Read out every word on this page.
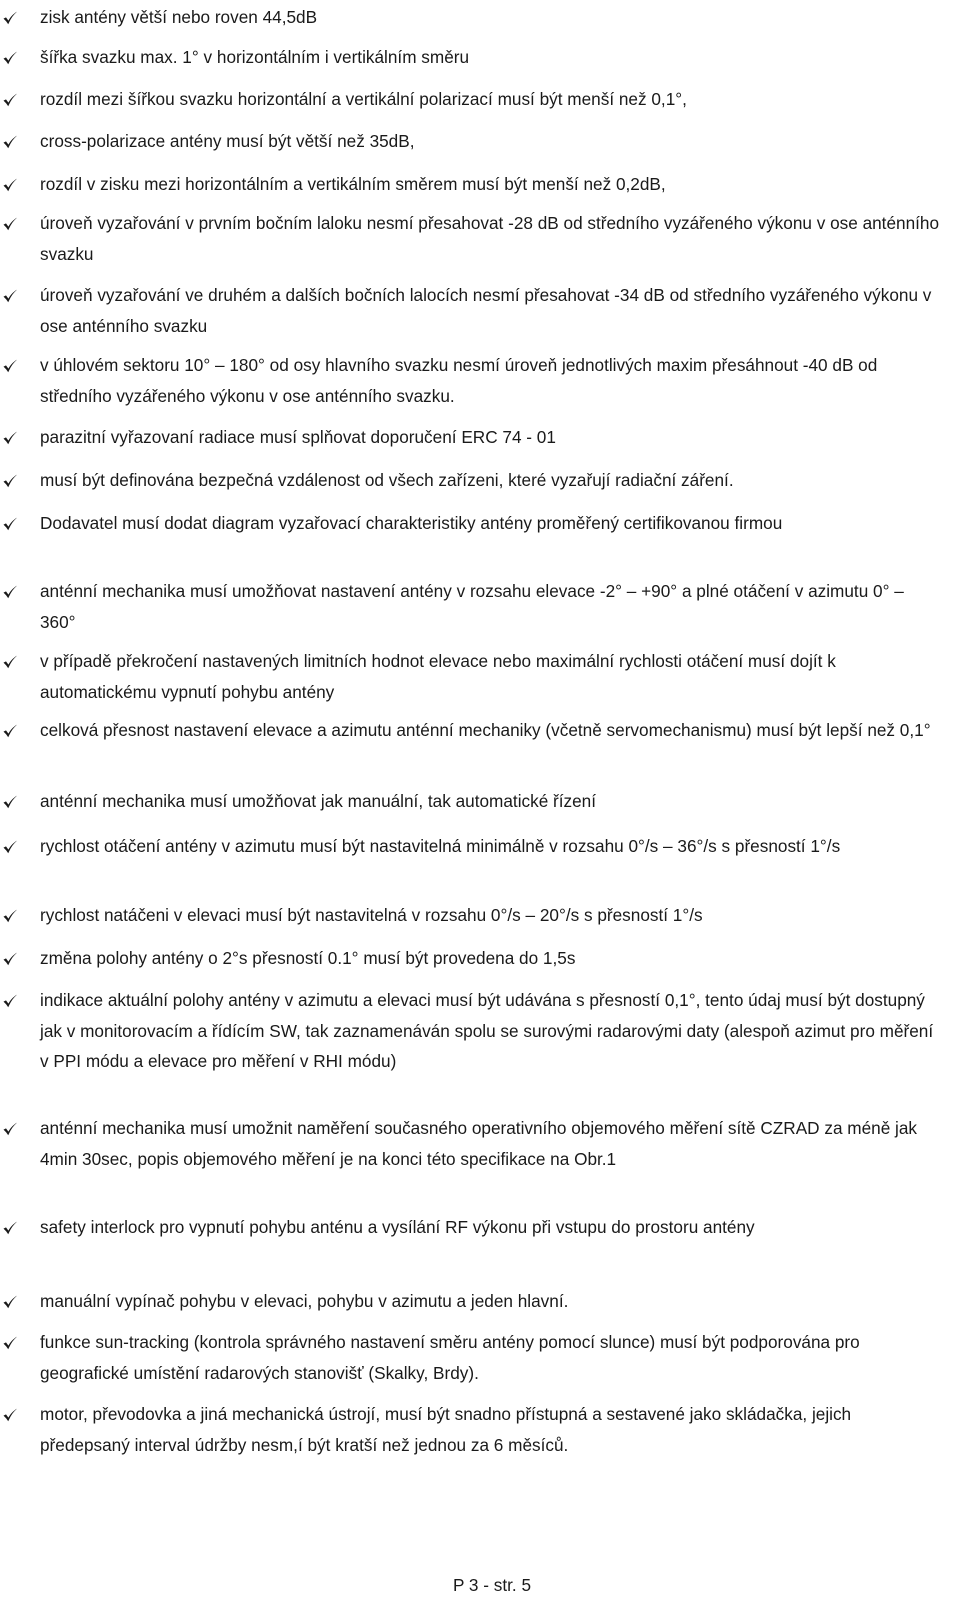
zisk antény větší nebo roven 44,5dB
šířka svazku max. 1° v horizontálním i vertikálním směru
rozdíl mezi šířkou svazku horizontální a vertikální polarizací musí být menší než 0,1°,
cross-polarizace antény musí být větší než 35dB,
rozdíl v zisku mezi horizontálním a vertikálním směrem musí být menší než 0,2dB,
úroveň vyzařování v prvním bočním laloku nesmí přesahovat -28 dB od středního vyzářeného výkonu v ose anténního svazku
úroveň vyzařování ve druhém a dalších bočních lalocích nesmí přesahovat -34 dB od středního vyzářeného výkonu v ose anténního svazku
v úhlovém sektoru 10° – 180° od osy hlavního svazku nesmí úroveň jednotlivých maxim přesáhnout -40 dB od středního vyzářeného výkonu v ose anténního svazku.
parazitní vyřazovaní radiace musí splňovat doporučení ERC 74 - 01
musí být definována bezpečná vzdálenost od všech zařízeni, které vyzařují radiační záření.
Dodavatel musí dodat diagram vyzařovací charakteristiky antény proměřený certifikovanou firmou
anténní mechanika musí umožňovat nastavení antény v rozsahu elevace -2° – +90° a plné otáčení v azimutu 0° – 360°
v případě překročení nastavených limitních hodnot elevace nebo maximální rychlosti otáčení musí dojít k automatickému vypnutí pohybu antény
celková přesnost nastavení elevace a azimutu anténní mechaniky (včetně servomechanismu) musí být lepší než 0,1°
anténní mechanika musí umožňovat jak manuální, tak automatické řízení
rychlost otáčení antény v azimutu musí být nastavitelná minimálně v rozsahu 0°/s – 36°/s s přesností 1°/s
rychlost natáčeni v elevaci musí být nastavitelná v rozsahu 0°/s – 20°/s s přesností 1°/s
změna polohy antény o 2°s přesností 0.1° musí být provedena do 1,5s
indikace aktuální polohy antény v azimutu a elevaci musí být udávána s přesností 0,1°, tento údaj musí být dostupný jak v monitorovacím a řídícím SW, tak zaznamenáván spolu se surovými radarovými daty (alespoň azimut pro měření v PPI módu a elevace pro měření v RHI módu)
anténní mechanika musí umožnit naměření současného operativního objemového měření sítě CZRAD za méně jak 4min 30sec, popis objemového měření je na konci této specifikace na Obr.1
safety interlock pro vypnutí pohybu anténu a vysílání RF výkonu při vstupu do prostoru antény
manuální vypínač pohybu v elevaci, pohybu v azimutu a jeden hlavní.
funkce sun-tracking (kontrola správného nastavení směru antény pomocí slunce) musí být podporována pro geografické umístění radarových stanovišť (Skalky, Brdy).
motor, převodovka a jiná mechanická ústrojí, musí být snadno přístupná a sestavené jako skládačka, jejich předepsaný interval údržby nesm,í být kratší než jednou za 6 měsíců.
P 3 - str. 5
